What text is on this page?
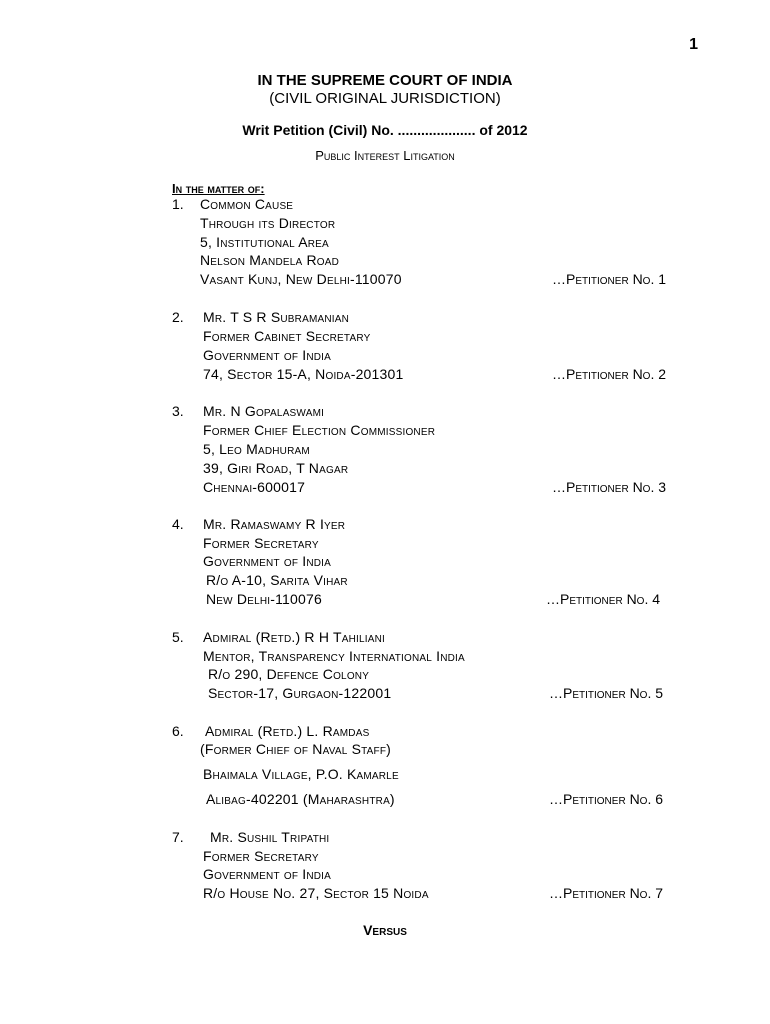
1
IN THE SUPREME COURT OF INDIA
(CIVIL ORIGINAL JURISDICTION)
Writ Petition (Civil) No. .................... of 2012
Public Interest Litigation
In the matter of:
1. Common Cause
Through its Director
5, Institutional Area
Nelson Mandela Road
Vasant Kunj, New Delhi-110070	…Petitioner No. 1
2. Mr. T S R Subramanian
Former Cabinet Secretary
Government of India
74, Sector 15-A, Noida-201301	…Petitioner No. 2
3. Mr. N Gopalaswami
Former Chief Election Commissioner
5, Leo Madhuram
39, Giri Road, T Nagar
Chennai-600017	…Petitioner No. 3
4. Mr. Ramaswamy R Iyer
Former Secretary
Government of India
R/o A-10, Sarita Vihar
New Delhi-110076	…Petitioner No. 4
5. Admiral (Retd.) R H Tahiliani
Mentor, Transparency International India
R/o 290, Defence Colony
Sector-17, Gurgaon-122001	…Petitioner No. 5
6. Admiral (Retd.) L. Ramdas
(Former Chief of Naval Staff)
Bhaimala Village, P.O. Kamarle
Alibag-402201 (Maharashtra)	…Petitioner No. 6
7. Mr. Sushil Tripathi
Former Secretary
Government of India
R/o House No. 27, Sector 15 Noida	…Petitioner No. 7
Versus
